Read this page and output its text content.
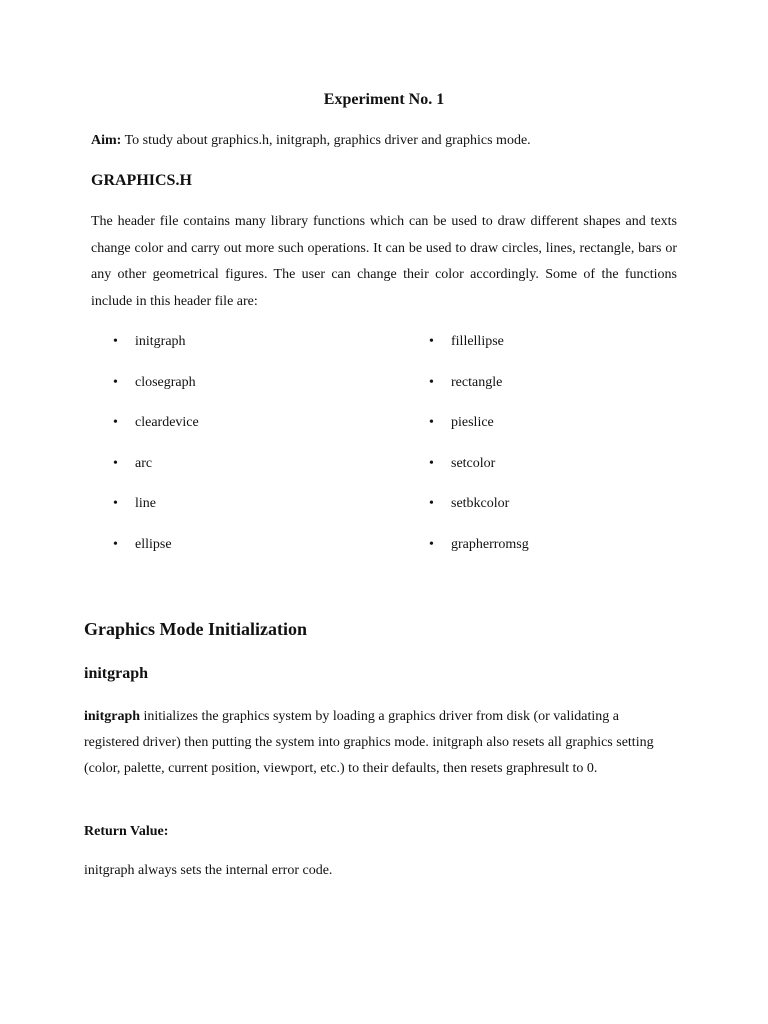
Experiment No. 1
Aim: To study about graphics.h, initgraph, graphics driver and graphics mode.
GRAPHICS.H
The header file contains many library functions which can be used to draw different shapes and texts change color and carry out more such operations. It can be used to draw circles, lines, rectangle, bars or any other geometrical figures. The user can change their color accordingly. Some of the functions include in this header file are:
• initgraph
• closegraph
• cleardevice
• arc
• line
• ellipse
• fillellipse
• rectangle
• pieslice
• setcolor
• setbkcolor
• grapherromsg
Graphics Mode Initialization
initgraph
initgraph initializes the graphics system by loading a graphics driver from disk (or validating a registered driver) then putting the system into graphics mode. initgraph also resets all graphics setting (color, palette, current position, viewport, etc.) to their defaults, then resets graphresult to 0.
Return Value:
initgraph always sets the internal error code.
